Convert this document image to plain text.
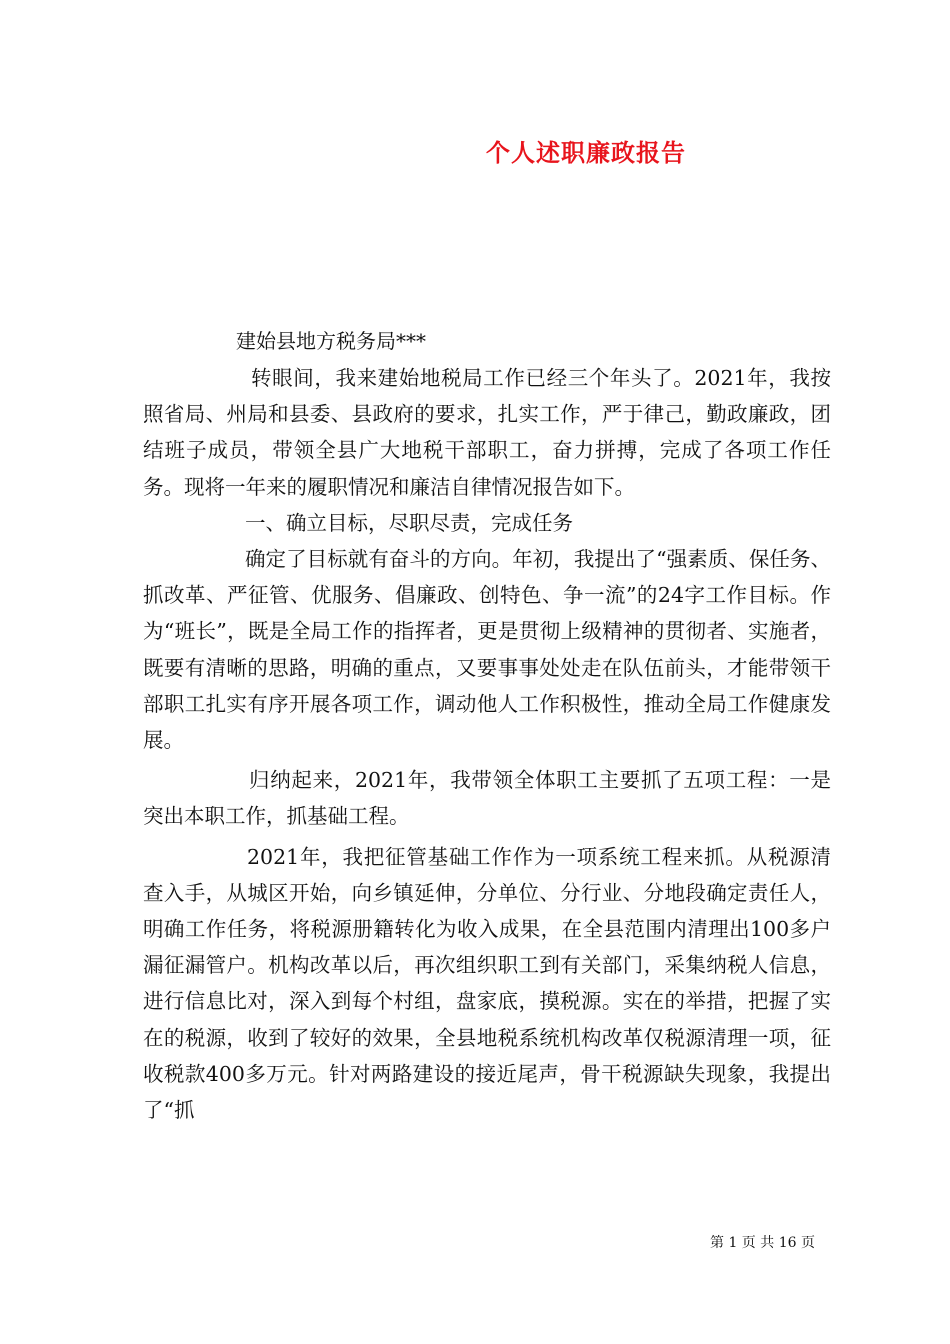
个人述职廉政报告
建始县地方税务局***

转眼间，我来建始地税局工作已经三个年头了。2021年，我按照省局、州局和县委、县政府的要求，扎实工作，严于律己，勤政廉政，团结班子成员，带领全县广大地税干部职工，奋力拼搏，完成了各项工作任务。现将一年来的履职情况和廉洁自律情况报告如下。

一、确立目标，尽职尽责，完成任务

确定了目标就有奋斗的方向。年初，我提出了“强素质、保任务、抓改革、严征管、优服务、倡廉政、创特色、争一流”的24字工作目标。作为“班长”，既是全局工作的指挥者，更是贯彻上级精神的贯彻者、实施者，既要有清晰的思路，明确的重点，又要事事处处走在队伍前头，才能带领干部职工扎实有序开展各项工作，调动他人工作积极性，推动全局工作健康发展。

归纳起来，2021年，我带领全体职工主要抓了五项工程：一是突出本职工作，抓基础工程。

2021年，我把征管基础工作作为一项系统工程来抓。从税源清查入手，从城区开始，向乡镇延伸，分单位、分行业、分地段确定责任人，明确工作任务，将税源册籍转化为收入成果，在全县范围内清理出100多户漏征漏管户。机构改革以后，再次组织职工到有关部门，采集纳税人信息，进行信息比对，深入到每个村组，盘家底，摸税源。实在的举措，把握了实在的税源，收到了较好的效果，全县地税系统机构改革仅税源清理一项，征收税款400多万元。针对两路建设的接近尾声，骨干税源缺失现象，我提出了“抓

第 1 页 共 16 页
